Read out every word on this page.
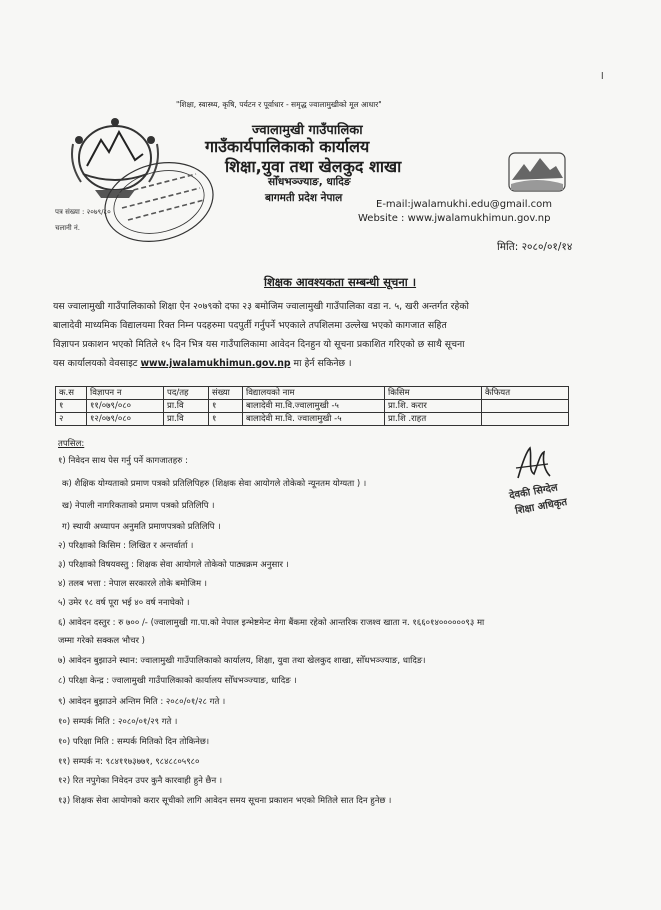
l
"शिक्षा, स्वास्थ्य, कृषि, पर्यटन र पूर्वाधार - समृद्ध ज्वालामुखीको मूल आधार"
ज्वालामुखी गाउँपालिका
गाउँकार्यपालिकाको कार्यालय
शिक्षा,युवा तथा खेलकुद शाखा
सोँधभञ्ज्याङ, धादिङ
बागमती प्रदेश नेपाल
E-mail:jwalamukhi.edu@gmail.com
Website : www.jwalamukhimun.gov.np
पत्र संख्या : २०७९/८०
चलानी नं.
मिति: २०८०/०१/१४
शिक्षक आवश्यकता सम्बन्धी सूचना ।
यस ज्वालामुखी गाउँपालिकाको शिक्षा ऐन २०७९को दफा २३ बमोजिम ज्वालामुखी गाउँपालिका वडा न. ५, खरी अन्तर्गत रहेको
बालादेवी माध्यमिक विद्यालयमा रिक्त निम्न पदहरुमा पदपुर्ती गर्नुपर्ने भएकाले तपशिलमा उल्लेख भएको कागजात सहित
विज्ञापन प्रकाशन भएको मितिले १५ दिन भित्र यस गाउँपालिकामा आवेदन दिनहुन यो सूचना प्रकाशित गरिएको छ साथै सूचना
यस कार्यालयको वेवसाइट www.jwalamukhimun.gov.np मा हेर्न सकिनेछ ।
क.स	विज्ञापन न	पद/तह	संख्या	विद्यालयको नाम	किसिम	कैफियत
१	११/०७९/०८०	प्रा.वि	१	बालादेवी मा.वि.ज्वालामुखी -५	प्रा.शि. करार	
२	१२/०७९/०८०	प्रा.वि	१	बालादेवी मा.वि. ज्वालामुखी -५	प्रा.शि .राहत	
तपसिल:
१) निवेदन साथ पेस गर्नु पर्ने कागजातहरु :
क) शैक्षिक योग्यताको प्रमाण पत्रको प्रतिलिपिहरु (शिक्षक सेवा आयोगले तोकेको न्यूनतम योग्यता ) ।
ख) नेपाली नागरिकताको प्रमाण पत्रको प्रतिलिपि ।
ग) स्थायी अध्यापन अनुमति प्रमाणपत्रको प्रतिलिपि ।
२) परिक्षाको किसिम : लिखित र अन्तर्वार्ता ।
३) परिक्षाको विषयवस्तु : शिक्षक सेवा आयोगले तोकेको पाठ्यक्रम अनुसार ।
४) तलब भत्ता : नेपाल सरकारले तोके बमोजिम ।
५) उमेर १८ वर्ष पूरा भई ४० वर्ष ननाघेको ।
६) आवेदन दस्तुर : रु ७०० /- (ज्वालामुखी गा.पा.को नेपाल इन्भेष्टमेन्ट मेगा बैंकमा रहेको आन्तरिक राजश्व खाता न. १६६०१४००००००९३ मा
जम्मा गरेको सक्कल भौचर )
७) आवेदन बुझाउने स्थान: ज्वालामुखी गाउँपालिकाको कार्यालय, शिक्षा, युवा तथा खेलकुद शाखा, सोँधभञ्ज्याङ, धादिङ।
८) परिक्षा केन्द्र : ज्वालामुखी गाउँपालिकाको कार्यालय सोँधभञ्ज्याङ, धादिङ ।
९) आवेदन बुझाउने अन्तिम मिति : २०८०/०१/२८ गते ।
१०) सम्पर्क मिति : २०८०/०१/२९ गते ।
१०) परिक्षा मिति : सम्पर्क मितिको दिन तोकिनेछ।
११) सम्पर्क न: ९८४११७३७७१, ९८४८८०५९८०
१२) रित नपुगेका निवेदन उपर कुनै कारवाही हुने छैन ।
१३) शिक्षक सेवा आयोगको करार सूचीको लागि आवेदन समय सूचना प्रकाशन भएको मितिले सात दिन हुनेछ ।
देवकी सिग्देल
शिक्षा अधिकृत
